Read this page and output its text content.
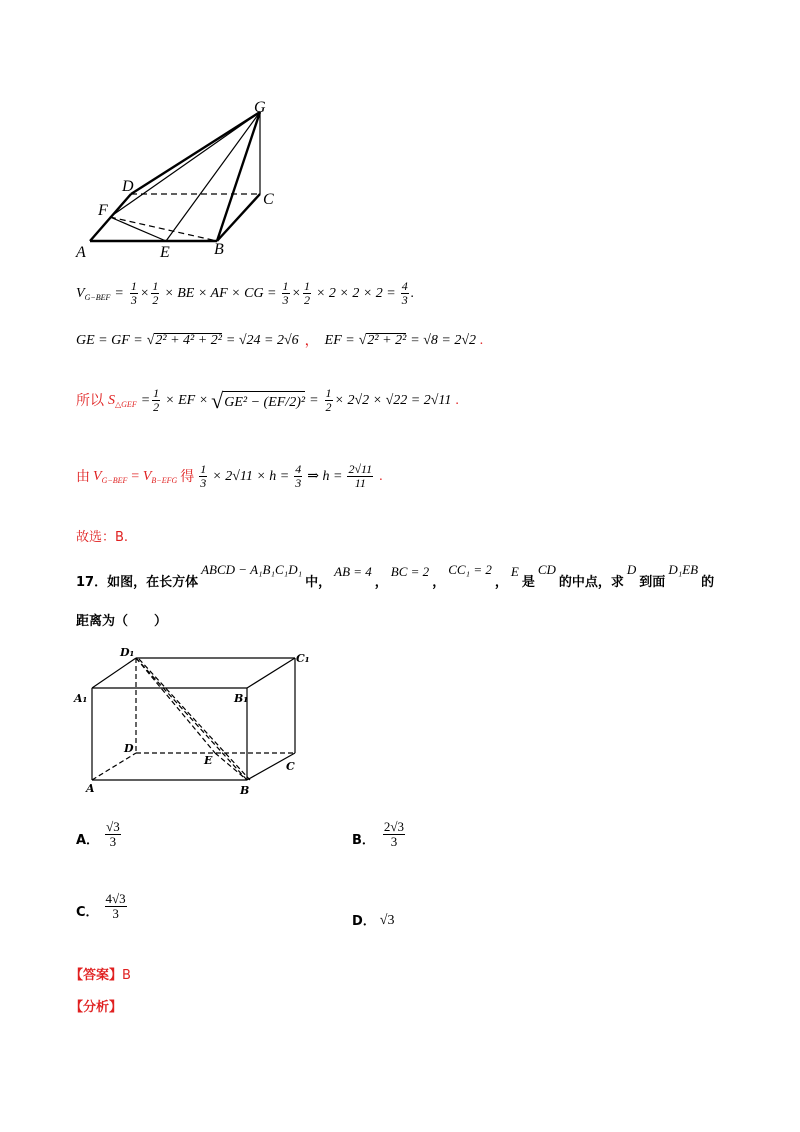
G
D
C
F
A	E	B
V $G-BEF = \frac{1}{3} \times \frac{1}{2}$ × BE × AF × CG = $\frac{1}{3} \times \frac{1}{2} \times 2 \times 2 \times 2 = \frac{4}{3}$ .
GE = GF = √ 2² + 4² + 2² = √24 = 2√6 ， EF = √ 2² + 2² = √8 = 2√2 .
所以 S △GEF = $\frac{1}{2}$ × EF × √ $GE^2 - (EF/2)^2 = \frac{1}{2} \times 2√2 \times √22 = 2√11$ .
由 V G−BEF = V B−EFG 得 $\frac{1}{3} \times 2√11 \times h = \frac{4}{3}$ ⇒ $h = \frac{2√11}{11}$ .
故选：B.
17． 如图，在长方体
ABCD − A₁B₁C₁D₁
中，
AB = 4
，
BC = 2
，
CC₁ = 2
，
E
是
CD
的中点，求
D
到面
D₁EB
的
距离为（　　）
D₁	C₁
A₁	B₁
D
E	C
A	B
A． $\frac{√3}{3}$	B． $\frac{2√3}{3}$
C． $\frac{4√3}{3}$	D． √3
【答案】B
【分析】
